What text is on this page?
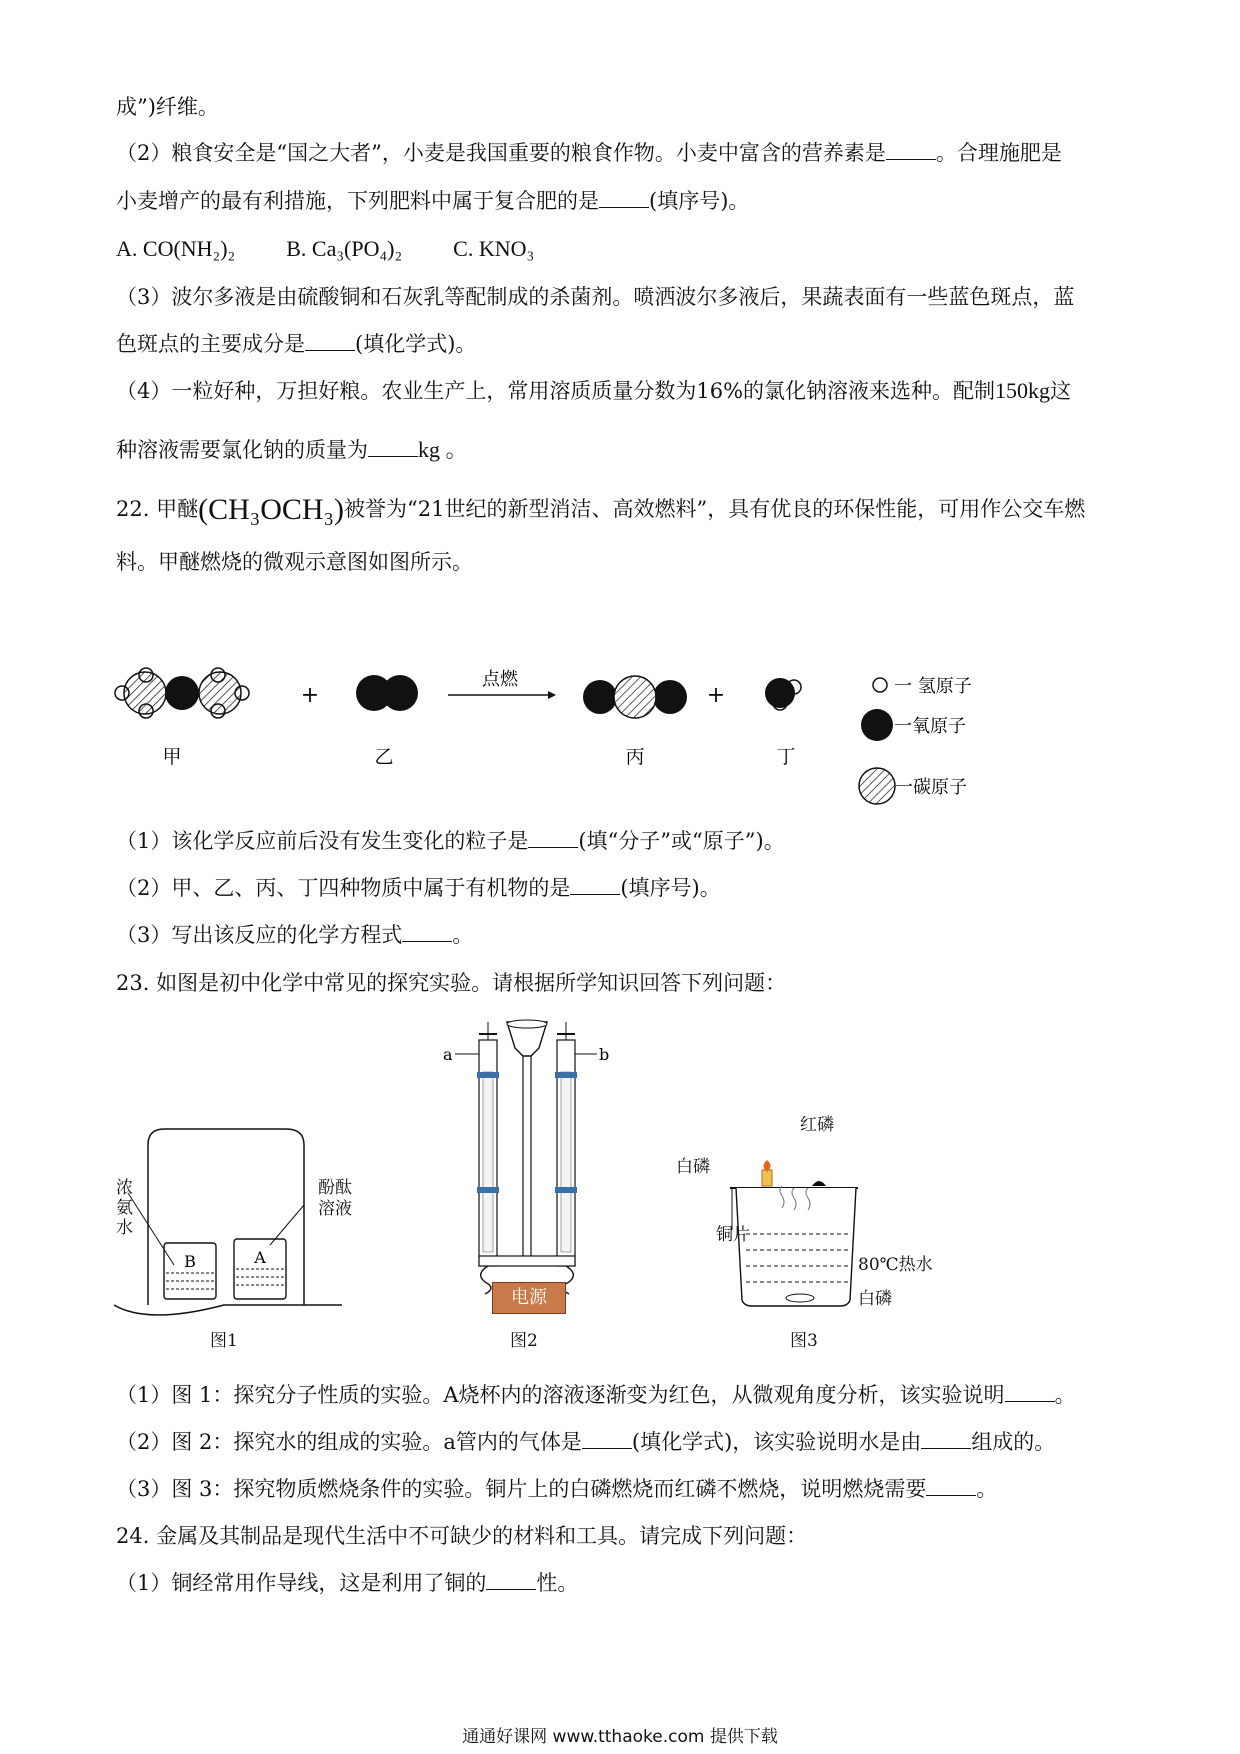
成”)纤维。
（2）粮食安全是“国之大者”，小麦是我国重要的粮食作物。小麦中富含的营养素是 。合理施肥是
小麦增产的最有利措施，下列肥料中属于复合肥的是 (填序号)。
A. CO(NH₂)₂ B. Ca₃(PO₄)₂ C. KNO₃
（3）波尔多液是由硫酸铜和石灰乳等配制成的杀菌剂。喷洒波尔多液后，果蔬表面有一些蓝色斑点，蓝
色斑点的主要成分是 (填化学式)。
（4）一粒好种，万担好粮。农业生产上，常用溶质质量分数为16%的氯化钠溶液来选种。配制150kg这
种溶液需要氯化钠的质量为 kg 。
22. 甲醚(CH₃OCH₃)被誉为“21世纪的新型消洁、高效燃料”，具有优良的环保性能，可用作公交车燃
料。甲醚燃烧的微观示意图如图所示。
甲
+
乙
点燃
丙
+
丁
一 氢原子
一氧原子
一碳原子
（1）该化学反应前后没有发生变化的粒子是 (填“分子”或“原子”)。
（2）甲、乙、丙、丁四种物质中属于有机物的是 (填序号)。
（3）写出该反应的化学方程式 。
23. 如图是初中化学中常见的探究实验。请根据所学知识回答下列问题：
B	A
浓氨水
酚酞溶液
图1
a	b
电源
图2
红磷
白磷
铜片
80℃热水
白磷
图3
（1）图 1：探究分子性质的实验。A烧杯内的溶液逐渐变为红色，从微观角度分析，该实验说明 。
（2）图 2：探究水的组成的实验。a管内的气体是 (填化学式)，该实验说明水是由 组成的。
（3）图 3：探究物质燃烧条件的实验。铜片上的白磷燃烧而红磷不燃烧，说明燃烧需要 。
24. 金属及其制品是现代生活中不可缺少的材料和工具。请完成下列问题：
（1）铜经常用作导线，这是利用了铜的 性。
通通好课网 www.tthaoke.com 提供下载
